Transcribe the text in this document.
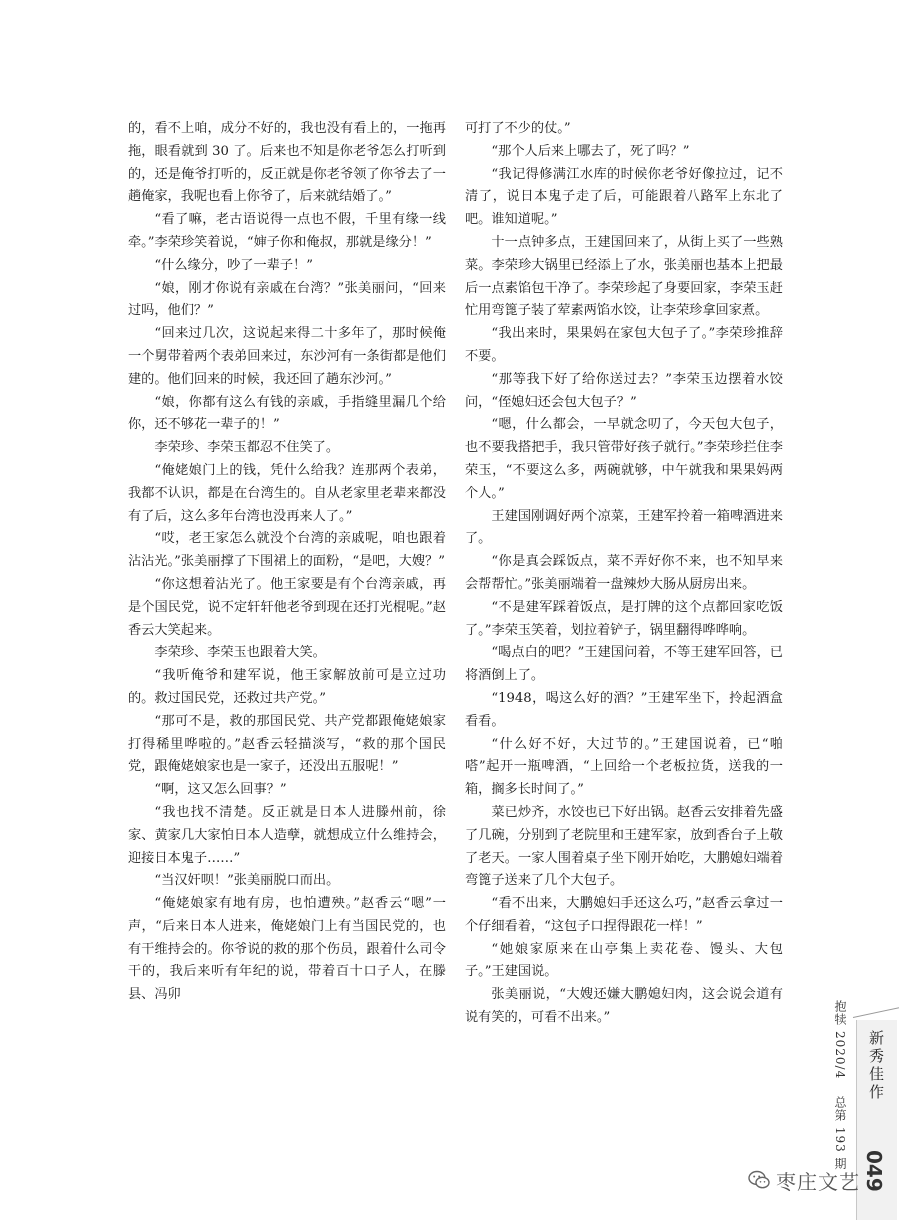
的，看不上咱，成分不好的，我也没有看上的，一拖再拖，眼看就到 30 了。后来也不知是你老爷怎么打听到的，还是俺爷打听的，反正就是你老爷领了你爷去了一趟俺家，我呢也看上你爷了，后来就结婚了。”

“看了嘛，老古语说得一点也不假，千里有缘一线牵。”李荣珍笑着说，“婶子你和俺叔，那就是缘分！”

“什么缘分，吵了一辈子！”

“娘，刚才你说有亲戚在台湾？”张美丽问，“回来过吗，他们？”

“回来过几次，这说起来得二十多年了，那时候俺一个舅带着两个表弟回来过，东沙河有一条街都是他们建的。他们回来的时候，我还回了趟东沙河。”

“娘，你都有这么有钱的亲戚，手指缝里漏几个给你，还不够花一辈子的！”

李荣珍、李荣玉都忍不住笑了。

“俺姥娘门上的钱，凭什么给我？连那两个表弟，我都不认识，都是在台湾生的。自从老家里老辈来都没有了后，这么多年台湾也没再来人了。”

“哎，老王家怎么就没个台湾的亲戚呢，咱也跟着沾沾光。”张美丽撑了下围裙上的面粉，“是吧，大嫂？”

“你这想着沾光了。他王家要是有个台湾亲戚，再是个国民党，说不定轩轩他老爷到现在还打光棍呢。”赵香云大笑起来。

李荣珍、李荣玉也跟着大笑。

“我听俺爷和建军说，他王家解放前可是立过功的。救过国民党，还救过共产党。”

“那可不是，救的那国民党、共产党都跟俺姥娘家打得稀里哗啦的。”赵香云轻描淡写，“救的那个国民党，跟俺姥娘家也是一家子，还没出五服呢！”

“啊，这又怎么回事？”

“我也找不清楚。反正就是日本人进滕州前，徐家、黄家几大家怕日本人造孽，就想成立什么维持会，迎接日本鬼子……”

“当汉奸呗！”张美丽脱口而出。

“俺姥娘家有地有房，也怕遭殃。”赵香云“嗯”一声，“后来日本人进来，俺姥娘门上有当国民党的，也有干维持会的。你爷说的救的那个伤员，跟着什么司令干的，我后来听有年纪的说，带着百十口子人，在滕县、冯卯

可打了不少的仗。”

“那个人后来上哪去了，死了吗？”

“我记得修满江水库的时候你老爷好像拉过，记不清了，说日本鬼子走了后，可能跟着八路军上东北了吧。谁知道呢。”

十一点钟多点，王建国回来了，从街上买了一些熟菜。李荣珍大锅里已经添上了水，张美丽也基本上把最后一点素馅包干净了。李荣珍起了身要回家，李荣玉赶忙用弯篦子装了荤素两馅水饺，让李荣珍拿回家煮。

“我出来时，果果妈在家包大包子了。”李荣珍推辞不要。

“那等我下好了给你送过去？”李荣玉边摆着水饺问，“侄媳妇还会包大包子？”

“嗯，什么都会，一早就念叨了，今天包大包子，也不要我搭把手，我只管带好孩子就行。”李荣珍拦住李荣玉，“不要这么多，两碗就够，中午就我和果果妈两个人。”

王建国刚调好两个凉菜，王建军拎着一箱啤酒进来了。

“你是真会踩饭点，菜不弄好你不来，也不知早来会帮帮忙。”张美丽端着一盘辣炒大肠从厨房出来。

“不是建军踩着饭点，是打牌的这个点都回家吃饭了。”李荣玉笑着，划拉着铲子，锅里翻得哗哗响。

“喝点白的吧？”王建国问着，不等王建军回答，已将酒倒上了。

“1948，喝这么好的酒？”王建军坐下，拎起酒盒看看。

“什么好不好，大过节的。”王建国说着，已“啪嗒”起开一瓶啤酒，“上回给一个老板拉货，送我的一箱，搁多长时间了。”

菜已炒齐，水饺也已下好出锅。赵香云安排着先盛了几碗，分别到了老院里和王建军家，放到香台子上敬了老天。一家人围着桌子坐下刚开始吃，大鹏媳妇端着弯篦子送来了几个大包子。

“看不出来，大鹏媳妇手还这么巧，”赵香云拿过一个仔细看着，“这包子口捏得跟花一样！”

“她娘家原来在山亭集上卖花卷、馒头、大包子。”王建国说。

张美丽说，“大嫂还嫌大鹏媳妇肉，这会说会道有说有笑的，可看不出来。”	抱犊 2020/4 总第 193 期
新秀佳作
049
枣庄文艺
